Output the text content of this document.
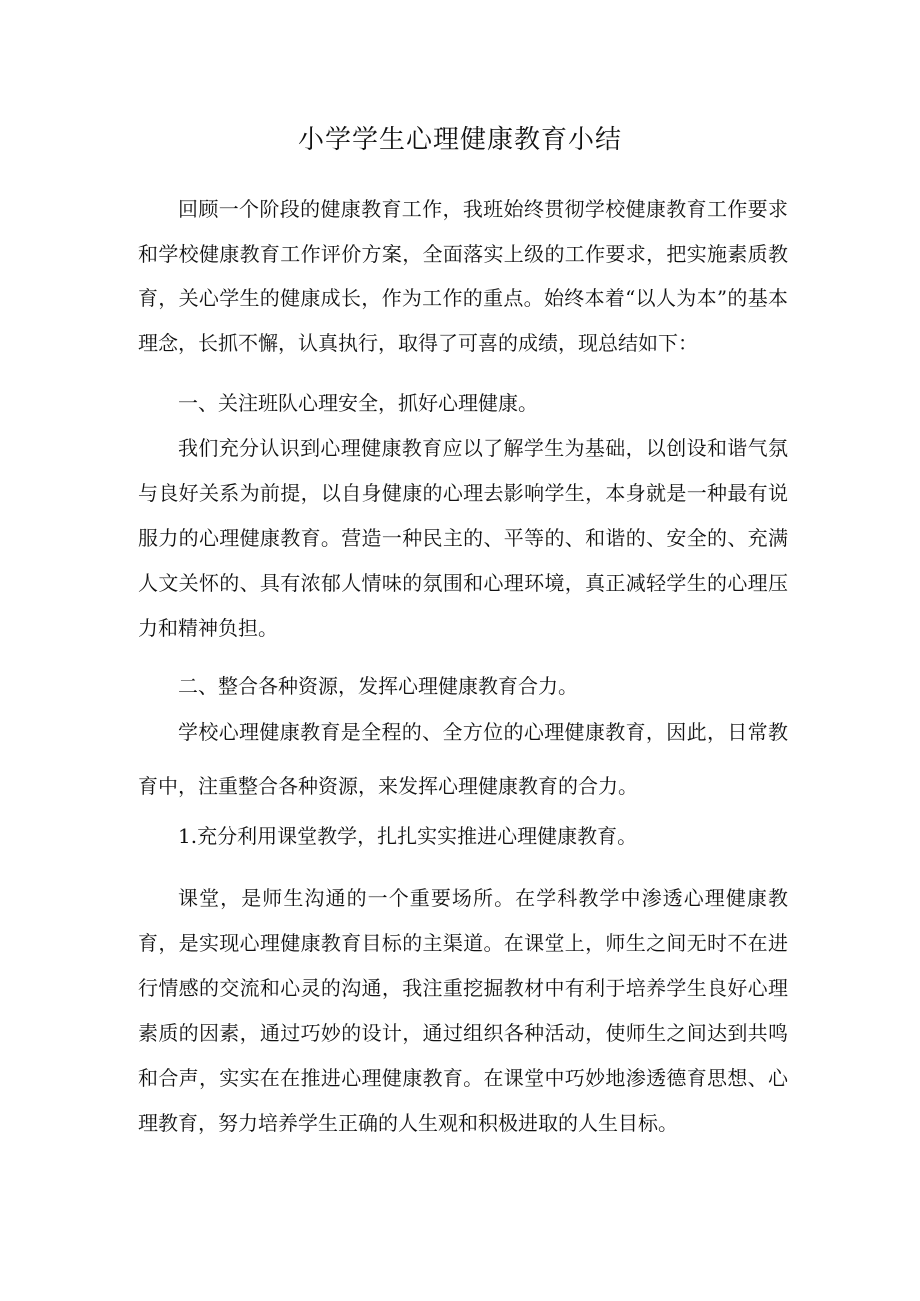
小学学生心理健康教育小结

回顾一个阶段的健康教育工作，我班始终贯彻学校健康教育工作要求和学校健康教育工作评价方案，全面落实上级的工作要求，把实施素质教育，关心学生的健康成长，作为工作的重点。始终本着“以人为本”的基本理念，长抓不懈，认真执行，取得了可喜的成绩，现总结如下：

一、关注班队心理安全，抓好心理健康。

我们充分认识到心理健康教育应以了解学生为基础，以创设和谐气氛与良好关系为前提，以自身健康的心理去影响学生，本身就是一种最有说服力的心理健康教育。营造一种民主的、平等的、和谐的、安全的、充满人文关怀的、具有浓郁人情味的氛围和心理环境，真正减轻学生的心理压力和精神负担。

二、整合各种资源，发挥心理健康教育合力。

学校心理健康教育是全程的、全方位的心理健康教育，因此，日常教育中，注重整合各种资源，来发挥心理健康教育的合力。

1.充分利用课堂教学，扎扎实实推进心理健康教育。

课堂，是师生沟通的一个重要场所。在学科教学中渗透心理健康教育，是实现心理健康教育目标的主渠道。在课堂上，师生之间无时不在进行情感的交流和心灵的沟通，我注重挖掘教材中有利于培养学生良好心理素质的因素，通过巧妙的设计，通过组织各种活动，使师生之间达到共鸣和合声，实实在在推进心理健康教育。在课堂中巧妙地渗透德育思想、心理教育，努力培养学生正确的人生观和积极进取的人生目标。
